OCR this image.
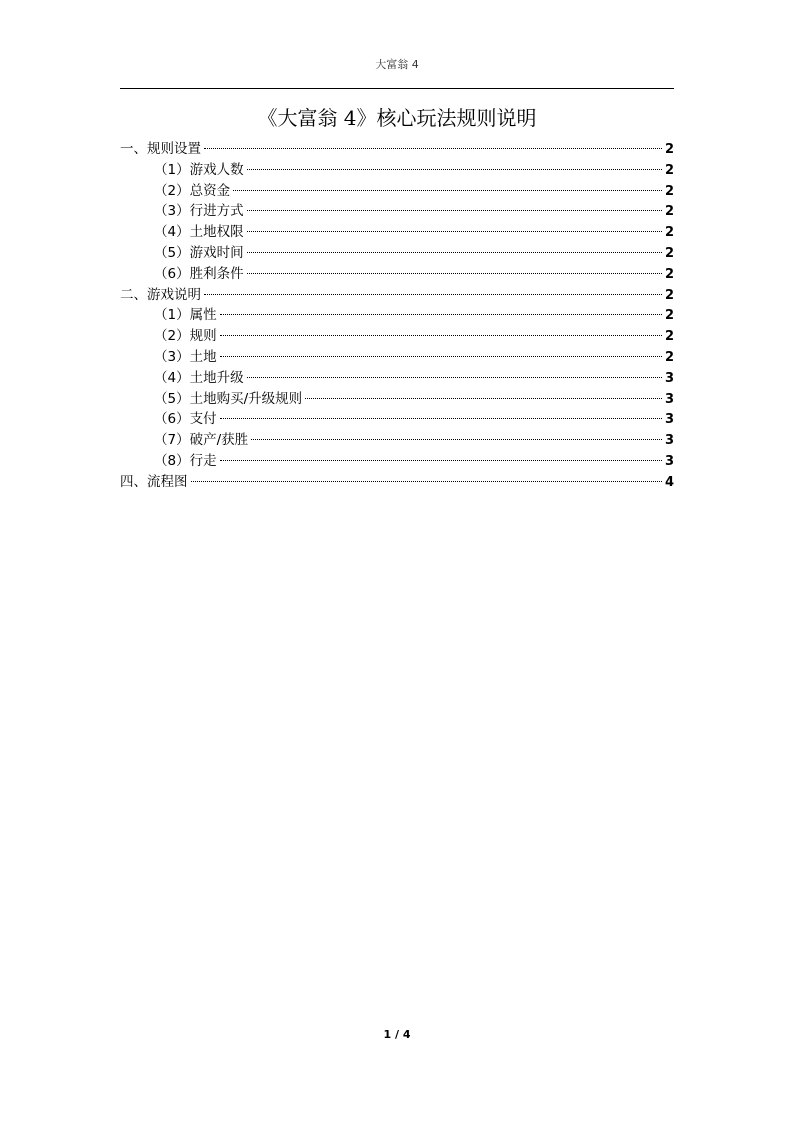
大富翁 4
《大富翁 4》核心玩法规则说明
一、规则设置	2
（1）游戏人数	2
（2）总资金	2
（3）行进方式	2
（4）土地权限	2
（5）游戏时间	2
（6）胜利条件	2
二、游戏说明	2
（1）属性	2
（2）规则	2
（3）土地	2
（4）土地升级	3
（5）土地购买/升级规则	3
（6）支付	3
（7）破产/获胜	3
（8）行走	3
四、流程图	4
1 / 4
